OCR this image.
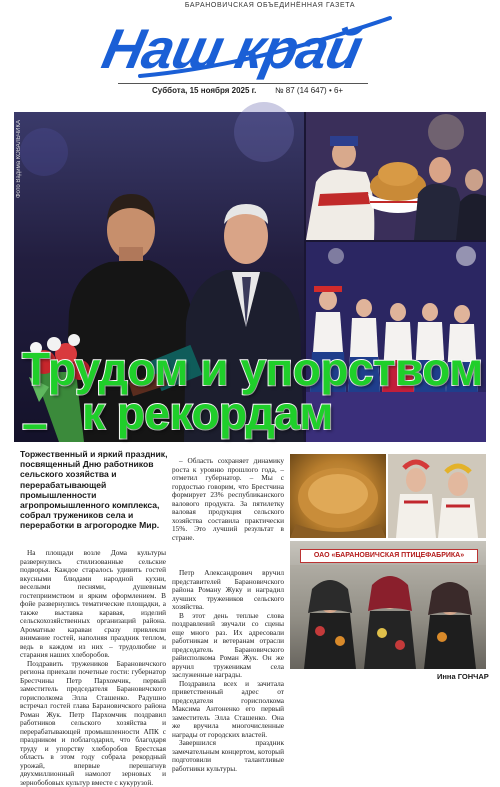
БАРАНОВИЧСКАЯ ОБЪЕДИНЁННАЯ ГАЗЕТА
Наш край
Суббота, 15 ноября 2025 г. № 87 (14 647) • 6+
Фото Вадима КОВАЛЬЧИКА
Трудом и упорством – к рекордам
Торжественный и яркий праздник, посвященный Дню работников сельского хозяйства и перерабатывающей промышленности агропромышленного комплекса, собрал тружеников села и переработки в агрогородке Мир.

На площади возле Дома культуры развернулись стилизованные сельские подворья. Каждое старалось удивить гостей вкусными блюдами народной кухни, веселыми песнями, душевным гостеприимством и ярким оформлением. В фойе развернулись тематические площадки, а также выставка каравая, изделий сельскохозяйственных организаций района. Ароматные караваи сразу привлекли внимание гостей, наполняя праздник теплом, ведь в каждом из них – трудолюбие и старания наших хлеборобов.

Поздравить тружеников Барановичского региона приехали почетные гости: губернатор Брестчины Петр Пархомчик, первый заместитель председателя Барановичского горисполкома Элла Сташенко. Радушно встречал гостей глава Барановичского района Роман Жук. Петр Пархомчик поздравил работников сельского хозяйства и перерабатывающей промышленности АПК с праздником и поблагодарил, что благодаря труду и упорству хлеборобов Брестская область в этом году собрала рекордный урожай, впервые перешагнув двухмиллионный намолот зерновых и зернобобовых культур вместе с кукурузой.

– Область сохраняет динамику роста к уровню прошлого года, – отметил губернатор. – Мы с гордостью говорим, что Брестчина формирует 23% республиканского валового продукта. За пятилетку валовая продукция сельского хозяйства составила практически 15%. Это лучший результат в стране.

Петр Александрович вручил представителей Барановичского района Роману Жуку и наградил лучших тружеников сельского хозяйства.

В этот день теплые слова поздравлений звучали со сцены еще много раз. Их адресовали работникам и ветеранам отрасли председатель Барановичского райисполкома Роман Жук. Он же вручил труженикам села заслуженные награды.

Поздравила всех и зачитала приветственный адрес от председателя горисполкома Максима Антоненко его первый заместитель Элла Сташенко. Она же вручила многочисленные награды от городских властей.

Завершился праздник замечательным концертом, который подготовили талантливые работники культуры.

Инна ГОНЧАР
ОАО «БАРАНОВИЧСКАЯ ПТИЦЕФАБРИКА»
